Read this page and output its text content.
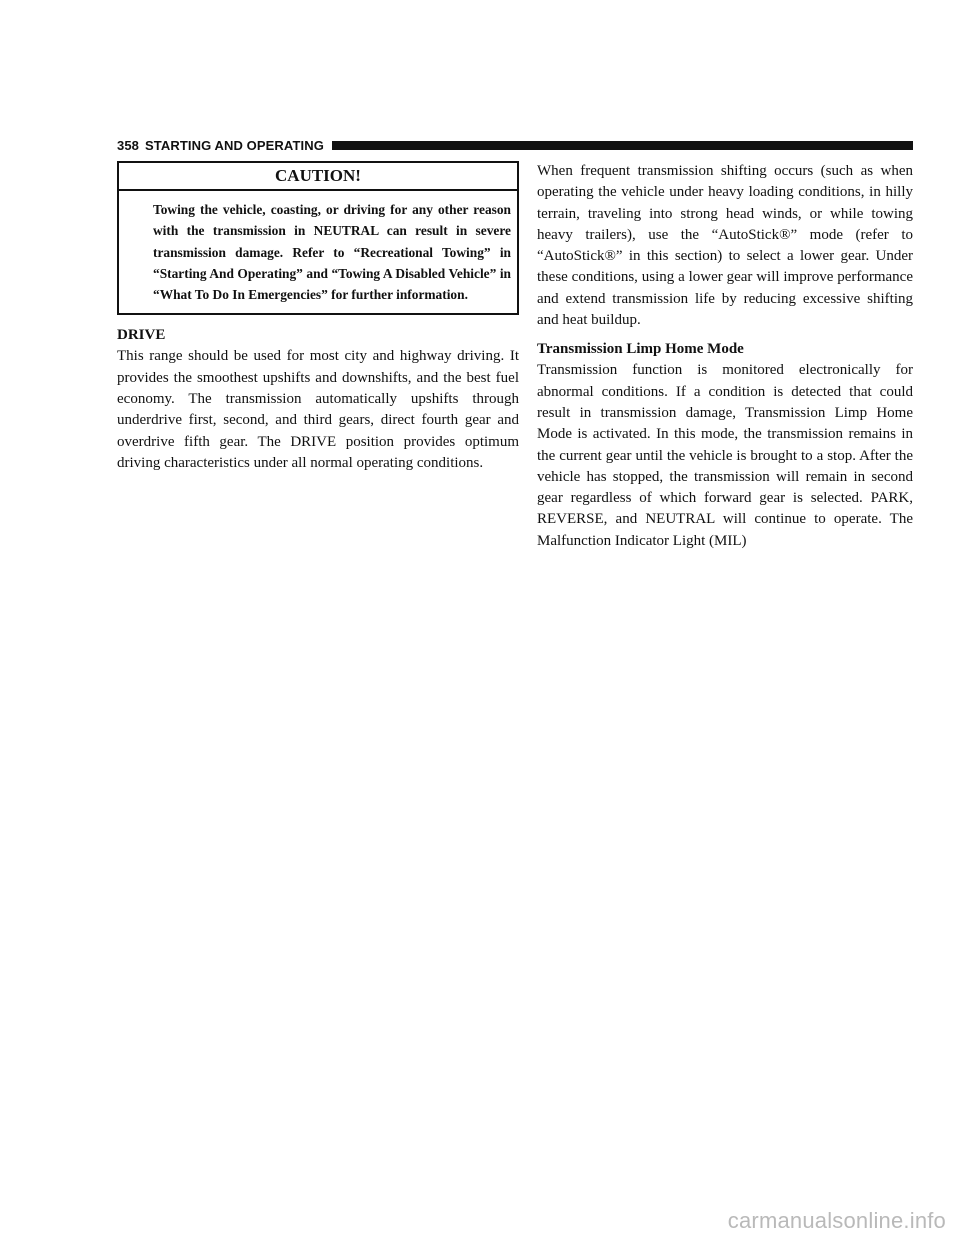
358 STARTING AND OPERATING
CAUTION!
Towing the vehicle, coasting, or driving for any other reason with the transmission in NEUTRAL can result in severe transmission damage. Refer to “Recreational Towing” in “Starting And Operating” and “Towing A Disabled Vehicle” in “What To Do In Emergencies” for further information.
DRIVE
This range should be used for most city and highway driving. It provides the smoothest upshifts and downshifts, and the best fuel economy. The transmission automatically upshifts through underdrive first, second, and third gears, direct fourth gear and overdrive fifth gear. The DRIVE position provides optimum driving characteristics under all normal operating conditions.
When frequent transmission shifting occurs (such as when operating the vehicle under heavy loading conditions, in hilly terrain, traveling into strong head winds, or while towing heavy trailers), use the “AutoStick®” mode (refer to “AutoStick®” in this section) to select a lower gear. Under these conditions, using a lower gear will improve performance and extend transmission life by reducing excessive shifting and heat buildup.
Transmission Limp Home Mode
Transmission function is monitored electronically for abnormal conditions. If a condition is detected that could result in transmission damage, Transmission Limp Home Mode is activated. In this mode, the transmission remains in the current gear until the vehicle is brought to a stop. After the vehicle has stopped, the transmission will remain in second gear regardless of which forward gear is selected. PARK, REVERSE, and NEUTRAL will continue to operate. The Malfunction Indicator Light (MIL)
carmanualsonline.info
